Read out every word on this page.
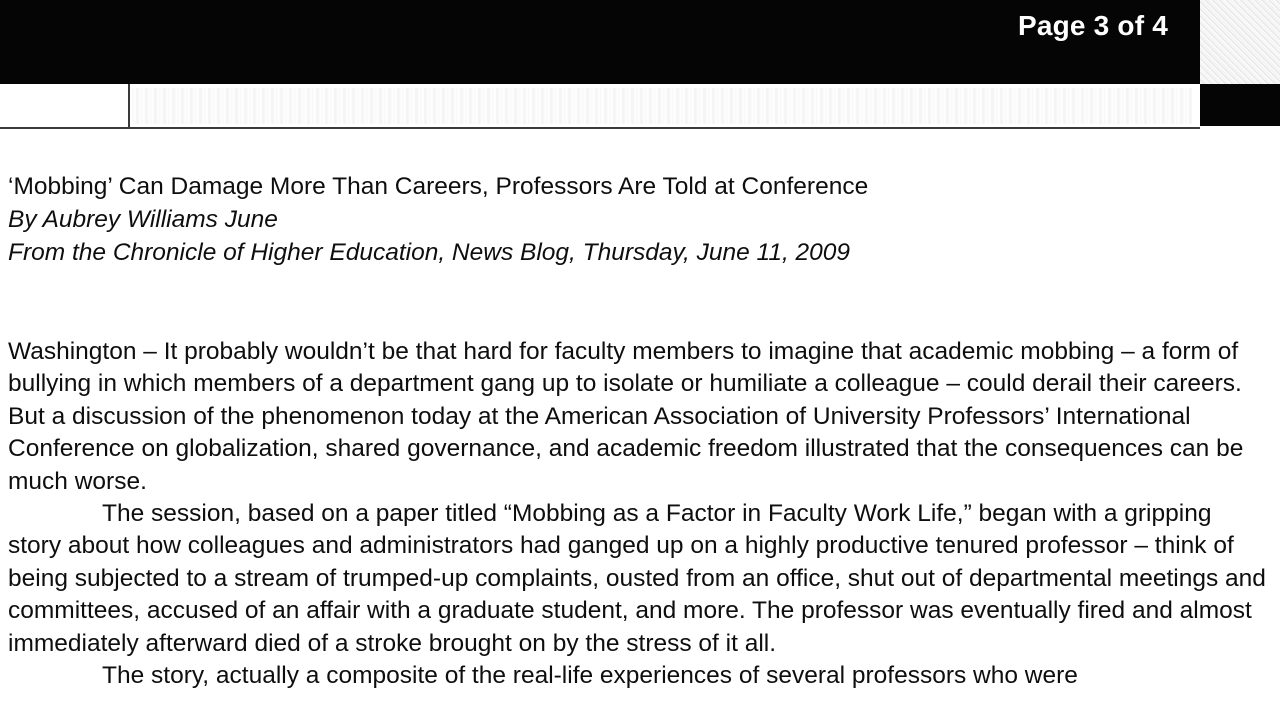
Page 3 of 4
‘Mobbing’ Can Damage More Than Careers, Professors Are Told at Conference

By Aubrey Williams June

From the Chronicle of Higher Education, News Blog, Thursday, June 11, 2009

Washington – It probably wouldn’t be that hard for faculty members to imagine that academic mobbing – a form of bullying in which members of a department gang up to isolate or humiliate a colleague – could derail their careers. But a discussion of the phenomenon today at the American Association of University Professors’ International Conference on globalization, shared governance, and academic freedom illustrated that the consequences can be much worse.

The session, based on a paper titled “Mobbing as a Factor in Faculty Work Life,” began with a gripping story about how colleagues and administrators had ganged up on a highly productive tenured professor – think of being subjected to a stream of trumped-up complaints, ousted from an office, shut out of departmental meetings and committees, accused of an affair with a graduate student, and more. The professor was eventually fired and almost immediately afterward died of a stroke brought on by the stress of it all.

The story, actually a composite of the real-life experiences of several professors who were
